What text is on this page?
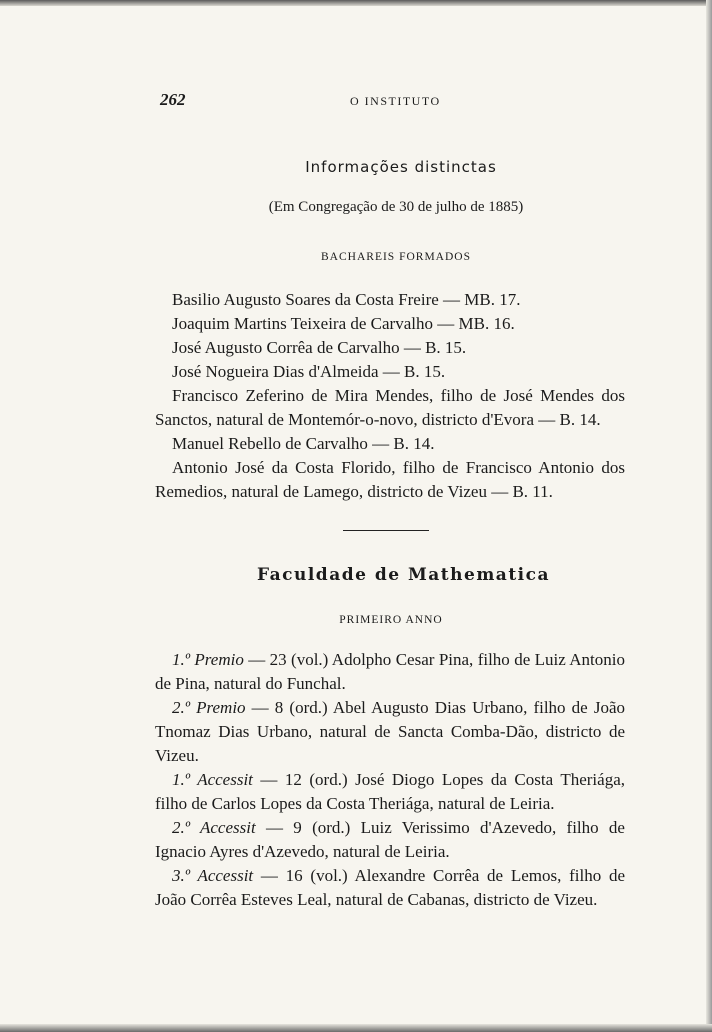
262	O INSTITUTO
Informações distinctas
(Em Congregação de 30 de julho de 1885)
BACHAREIS FORMADOS

Basilio Augusto Soares da Costa Freire — MB. 17.

Joaquim Martins Teixeira de Carvalho — MB. 16.

José Augusto Corrêa de Carvalho — B. 15.

José Nogueira Dias d'Almeida — B. 15.

Francisco Zeferino de Mira Mendes, filho de José Mendes dos Sanctos, natural de Montemór-o-novo, districto d'Evora — B. 14.

Manuel Rebello de Carvalho — B. 14.

Antonio José da Costa Florido, filho de Francisco Antonio dos Remedios, natural de Lamego, districto de Vizeu — B. 11.

Faculdade de Mathematica
PRIMEIRO ANNO

1.º Premio — 23 (vol.) Adolpho Cesar Pina, filho de Luiz Antonio de Pina, natural do Funchal.

2.º Premio — 8 (ord.) Abel Augusto Dias Urbano, filho de João Tnomaz Dias Urbano, natural de Sancta Comba-Dão, districto de Vizeu.

1.º Accessit — 12 (ord.) José Diogo Lopes da Costa Theriága, filho de Carlos Lopes da Costa Theriága, natural de Leiria.

2.º Accessit — 9 (ord.) Luiz Verissimo d'Azevedo, filho de Ignacio Ayres d'Azevedo, natural de Leiria.

3.º Accessit — 16 (vol.) Alexandre Corrêa de Lemos, filho de João Corrêa Esteves Leal, natural de Cabanas, districto de Vizeu.
